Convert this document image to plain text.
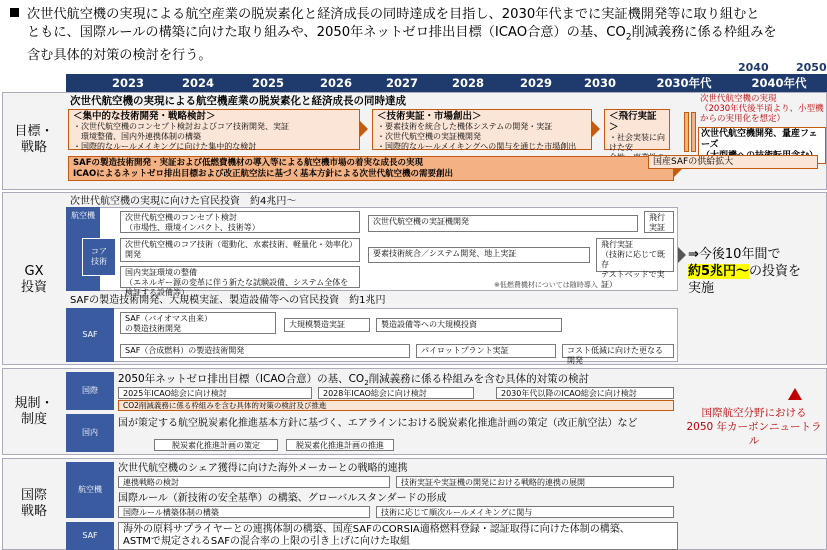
次世代航空機の実現による航空産業の脱炭素化と経済成長の同時達成を目指し、2030年代までに実証機開発等に取り組むと
ともに、国際ルールの構築に向けた取り組みや、2050年ネットゼロ排出目標（ICAO合意）の基、$CO_2$削減義務に係る枠組みを
含む具体的対策の検討を行う。
2023	2024	2025	2026	2027	2028	2029	2030	2030年代	2040年代
2040 2050
目標・
戦略
次世代航空機の実現による航空機産業の脱炭素化と経済成長の同時達成
＜集中的な技術開発・戦略検討＞
・次世代航空機のコンセプト検討およびコア技術開発、実証
　環境整備、国内外連携体制の構築
・国際的なルールメイキングに向けた集中的な検討
＜技術実証・市場創出＞
・要素技術を統合した機体システムの開発・実証
・次世代航空機の実証機開発
・国際的なルールメイキングへの関与を通じた市場創出
＜飛行実証＞
・社会実装に向けた安
次世代航空機の実現
（2030年代後半頃より、小型機からの実用化を想定）
次世代航空機開発、量産フェーズ

SAFの製造技術開発・実証および低燃費機材の導入等による航空機市場の着実な成長の実現
ICAOによるネットゼロ排出目標および改正航空法に基づく基本方針による次世代航空機の需要創出
国産SAFの供給拡大
GX
投資
次世代航空機の実現に向けた官民投資　約4兆円～
航空機
コア
技術
次世代航空機のコンセプト検討
（市場性、環境インパクト、技術等）
次世代航空機の実証機開発	飛行
実証
次世代航空機のコア技術（電動化、水素技術、軽量化・効率化）
開発	要素技術統合／システム開発、地上実証
飛行実証
（技術に応じて既存
テストベッドで実証）
国内実証環境の整備
（エネルギー源の変革に伴う新たな試験設備、システム全体を検証する設備等）
※低燃費機材については随時導入
⇒今後10年間で
約5兆円～の投資を
実施
SAFの製造技術開発、大規模実証、製造設備等への官民投資　約1兆円
SAF
SAF（バイオマス由来）
の製造技術開発	大規模製造実証	製造設備等への大規模投資
SAF（合成燃料）の製造技術開発	パイロットプラント実証	コスト低減に向けた更なる開発
規制・
制度
国際
2050年ネットゼロ排出目標（ICAO合意）の基、$CO_2$削減義務に係る枠組みを含む具体的対策の検討
2025年ICAO総会に向け検討	2028年ICAO総会に向け検討	2030年代以降のICAO総会に向け検討
CO2削減義務に係る枠組みを含む具体的対策の検討及び推進
国内
国が策定する航空脱炭素化推進基本方針に基づく、エアラインにおける脱炭素化推進計画の策定（改正航空法）など
脱炭素化推進計画の策定	脱炭素化推進計画の推進
国際航空分野における
2050 年カーボンニュートラル
国際
戦略
航空機
次世代航空機のシェア獲得に向けた海外メーカーとの戦略的連携
連携戦略の検討	技術実証や実証機の開発における戦略的連携の展開
国際ルール（新技術の安全基準）の構築、グローバルスタンダードの形成
国際ルール構築体制の構築	技術に応じて順次ルールメイキングに関与
SAF
海外の原料サプライヤーとの連携体制の構築、国産SAFのCORSIA適格燃料登録・認証取得に向けた体制の構築、
ASTMで規定されるSAFの混合率の上限の引き上げに向けた取組
